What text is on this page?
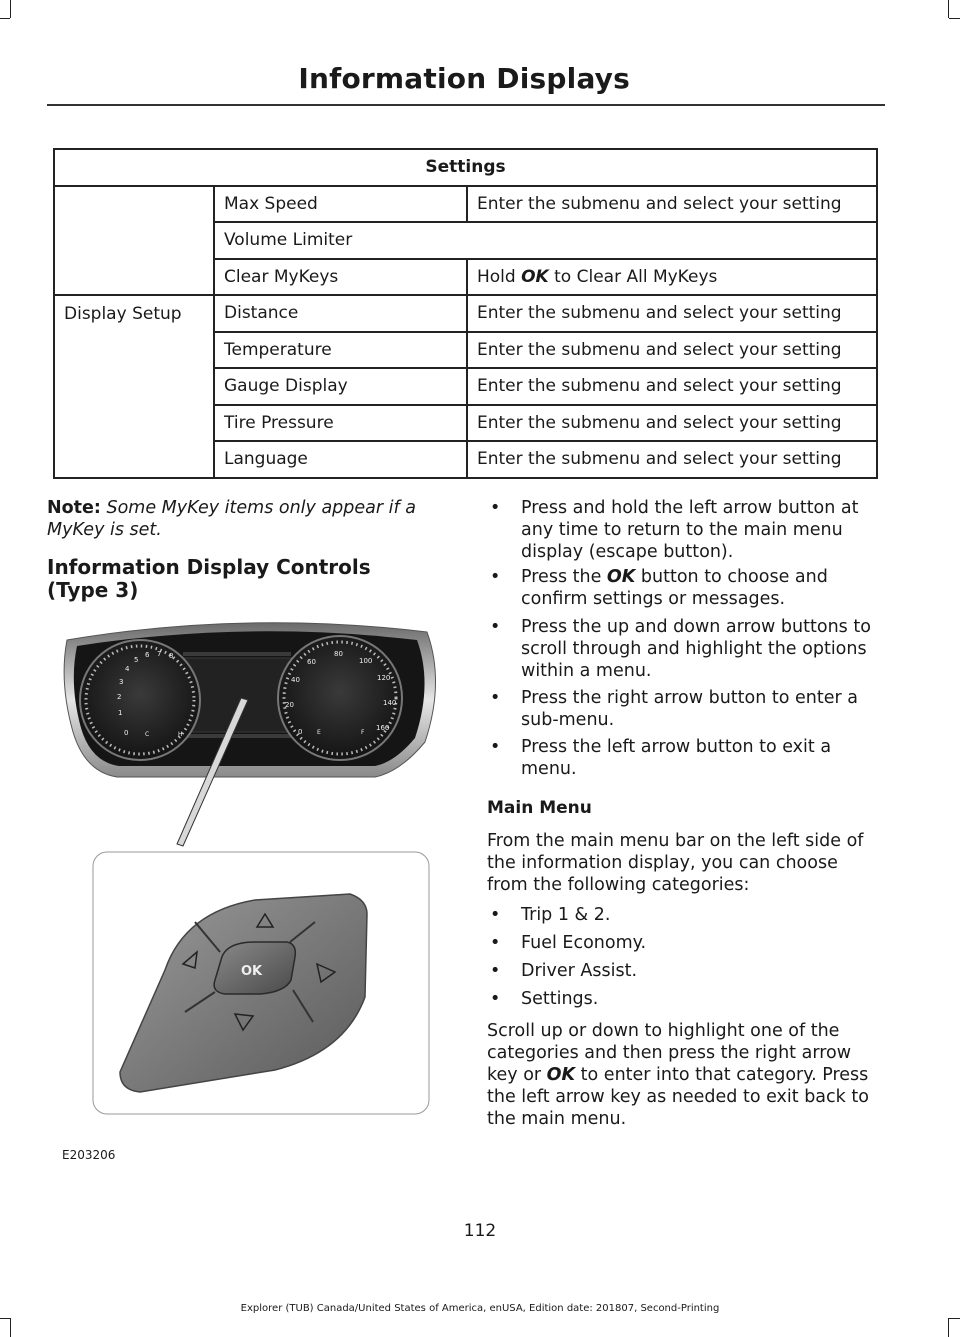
Information Displays
Settings		
	Max Speed	Enter the submenu and select your setting
	Volume Limiter	
	Clear MyKeys	Hold OK to Clear All MyKeys
Display Setup	Distance	Enter the submenu and select your setting
	Temperature	Enter the submenu and select your setting
	Gauge Display	Enter the submenu and select your setting
	Tire Pressure	Enter the submenu and select your setting
	Language	Enter the submenu and select your setting
Note: Some MyKey items only appear if a MyKey is set.
Information Display Controls
(Type 3)
0
1
2
3
4
5
6 7 8
C	H	0
20
40
60
80
100
120
140
160
E	F
OK
E203206
• Press and hold the left arrow button at any time to return to the main menu display (escape button).
• Press the OK button to choose and confirm settings or messages.
• Press the up and down arrow buttons to scroll through and highlight the options within a menu.
• Press the right arrow button to enter a sub-menu.
• Press the left arrow button to exit a menu.
Main Menu
From the main menu bar on the left side of the information display, you can choose from the following categories:
• Trip 1 & 2.
• Fuel Economy.
• Driver Assist.
• Settings.
Scroll up or down to highlight one of the categories and then press the right arrow key or OK to enter into that category. Press the left arrow key as needed to exit back to the main menu.
112
Explorer (TUB) Canada/United States of America, enUSA, Edition date: 201807, Second-Printing
